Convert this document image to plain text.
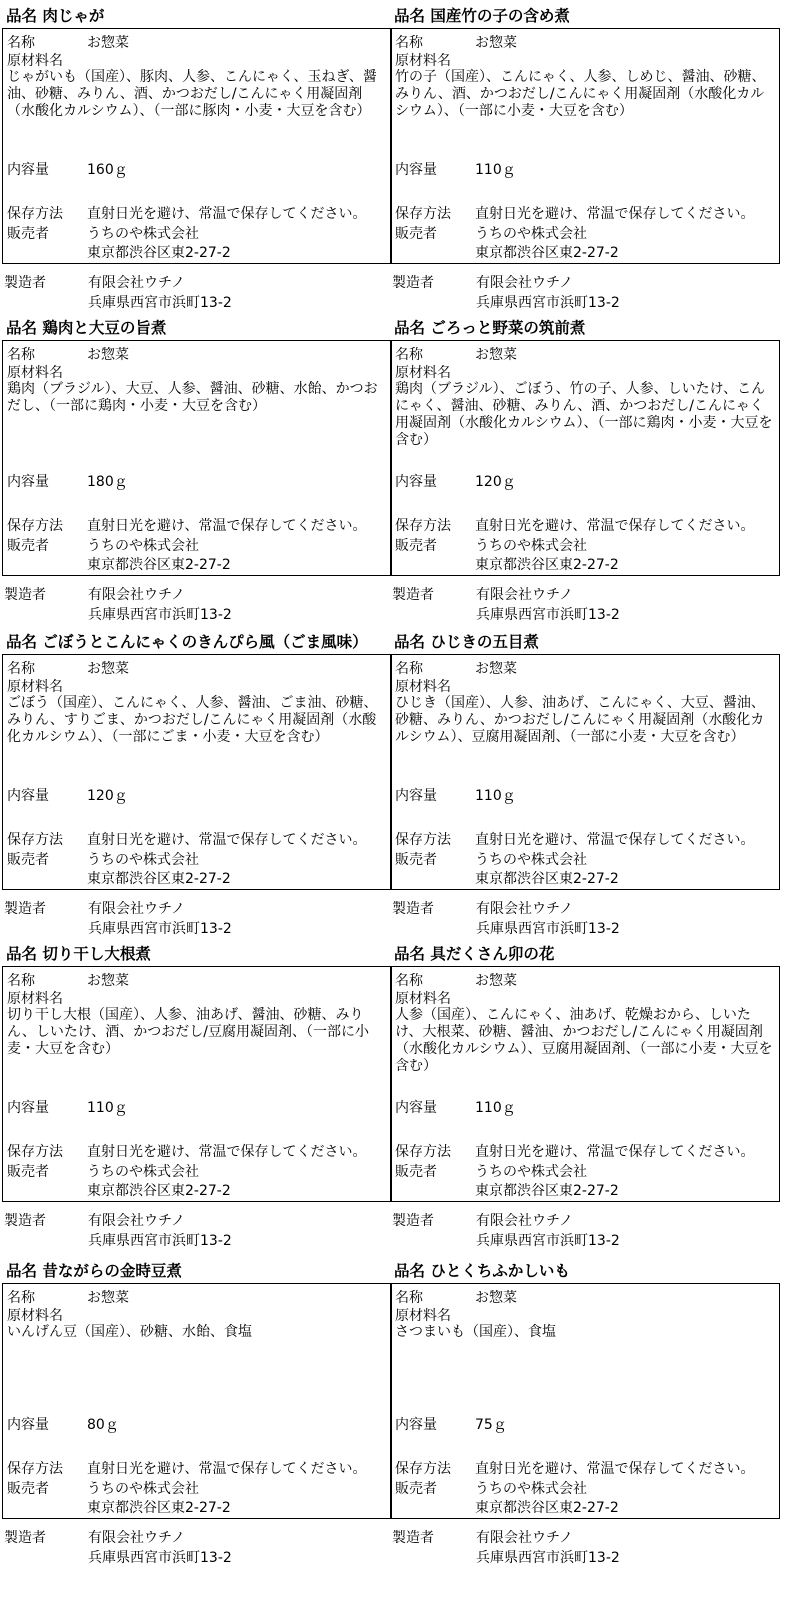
品名 肉じゃが
名称	お惣菜
原材料名
じゃがいも（国産）、豚肉、人参、こんにゃく、玉ねぎ、醤油、砂糖、みりん、酒、かつおだし/こんにゃく用凝固剤（水酸化カルシウム）、（一部に豚肉・小麦・大豆を含む）
内容量	160ｇ
保存方法 直射日光を避け、常温で保存してください。
販売者	うちのや株式会社
東京都渋谷区東2-27-2
製造者	有限会社ウチノ
兵庫県西宮市浜町13-2
品名 国産竹の子の含め煮
名称	お惣菜
原材料名
竹の子（国産）、こんにゃく、人参、しめじ、醤油、砂糖、みりん、酒、かつおだし/こんにゃく用凝固剤（水酸化カルシウム）、（一部に小麦・大豆を含む）
内容量	110ｇ
保存方法 直射日光を避け、常温で保存してください。
販売者	うちのや株式会社
東京都渋谷区東2-27-2
製造者	有限会社ウチノ
兵庫県西宮市浜町13-2
品名 鶏肉と大豆の旨煮
名称	お惣菜
原材料名
鶏肉（ブラジル）、大豆、人参、醤油、砂糖、水飴、かつおだし、（一部に鶏肉・小麦・大豆を含む）
内容量	180ｇ
保存方法 直射日光を避け、常温で保存してください。
販売者	うちのや株式会社
東京都渋谷区東2-27-2
製造者	有限会社ウチノ
兵庫県西宮市浜町13-2
品名 ごろっと野菜の筑前煮
名称	お惣菜
原材料名
鶏肉（ブラジル）、ごぼう、竹の子、人参、しいたけ、こんにゃく、醤油、砂糖、みりん、酒、かつおだし/こんにゃく用凝固剤（水酸化カルシウム）、（一部に鶏肉・小麦・大豆を含む）
内容量	120ｇ
保存方法 直射日光を避け、常温で保存してください。
販売者	うちのや株式会社
東京都渋谷区東2-27-2
製造者	有限会社ウチノ
兵庫県西宮市浜町13-2
品名 ごぼうとこんにゃくのきんぴら風（ごま風味）
名称	お惣菜
原材料名
ごぼう（国産）、こんにゃく、人参、醤油、ごま油、砂糖、みりん、すりごま、かつおだし/こんにゃく用凝固剤（水酸化カルシウム）、（一部にごま・小麦・大豆を含む）
内容量	120ｇ
保存方法 直射日光を避け、常温で保存してください。
販売者	うちのや株式会社
東京都渋谷区東2-27-2
製造者	有限会社ウチノ
兵庫県西宮市浜町13-2
品名 ひじきの五目煮
名称	お惣菜
原材料名
ひじき（国産）、人参、油あげ、こんにゃく、大豆、醤油、砂糖、みりん、かつおだし/こんにゃく用凝固剤（水酸化カルシウム）、豆腐用凝固剤、（一部に小麦・大豆を含む）
内容量	110ｇ
保存方法 直射日光を避け、常温で保存してください。
販売者	うちのや株式会社
東京都渋谷区東2-27-2
製造者	有限会社ウチノ
兵庫県西宮市浜町13-2
品名 切り干し大根煮
名称	お惣菜
原材料名
切り干し大根（国産）、人参、油あげ、醤油、砂糖、みりん、しいたけ、酒、かつおだし/豆腐用凝固剤、（一部に小麦・大豆を含む）
内容量	110ｇ
保存方法 直射日光を避け、常温で保存してください。
販売者	うちのや株式会社
東京都渋谷区東2-27-2
製造者	有限会社ウチノ
兵庫県西宮市浜町13-2
品名 具だくさん卯の花
名称	お惣菜
原材料名
人参（国産）、こんにゃく、油あげ、乾燥おから、しいたけ、大根菜、砂糖、醤油、かつおだし/こんにゃく用凝固剤（水酸化カルシウム）、豆腐用凝固剤、（一部に小麦・大豆を含む）
内容量	110ｇ
保存方法 直射日光を避け、常温で保存してください。
販売者	うちのや株式会社
東京都渋谷区東2-27-2
製造者	有限会社ウチノ
兵庫県西宮市浜町13-2
品名 昔ながらの金時豆煮
名称	お惣菜
原材料名
いんげん豆（国産）、砂糖、水飴、食塩
内容量	80ｇ
保存方法 直射日光を避け、常温で保存してください。
販売者	うちのや株式会社
東京都渋谷区東2-27-2
製造者	有限会社ウチノ
兵庫県西宮市浜町13-2
品名 ひとくちふかしいも
名称	お惣菜
原材料名
さつまいも（国産）、食塩
内容量	75ｇ
保存方法 直射日光を避け、常温で保存してください。
販売者	うちのや株式会社
東京都渋谷区東2-27-2
製造者	有限会社ウチノ
兵庫県西宮市浜町13-2
